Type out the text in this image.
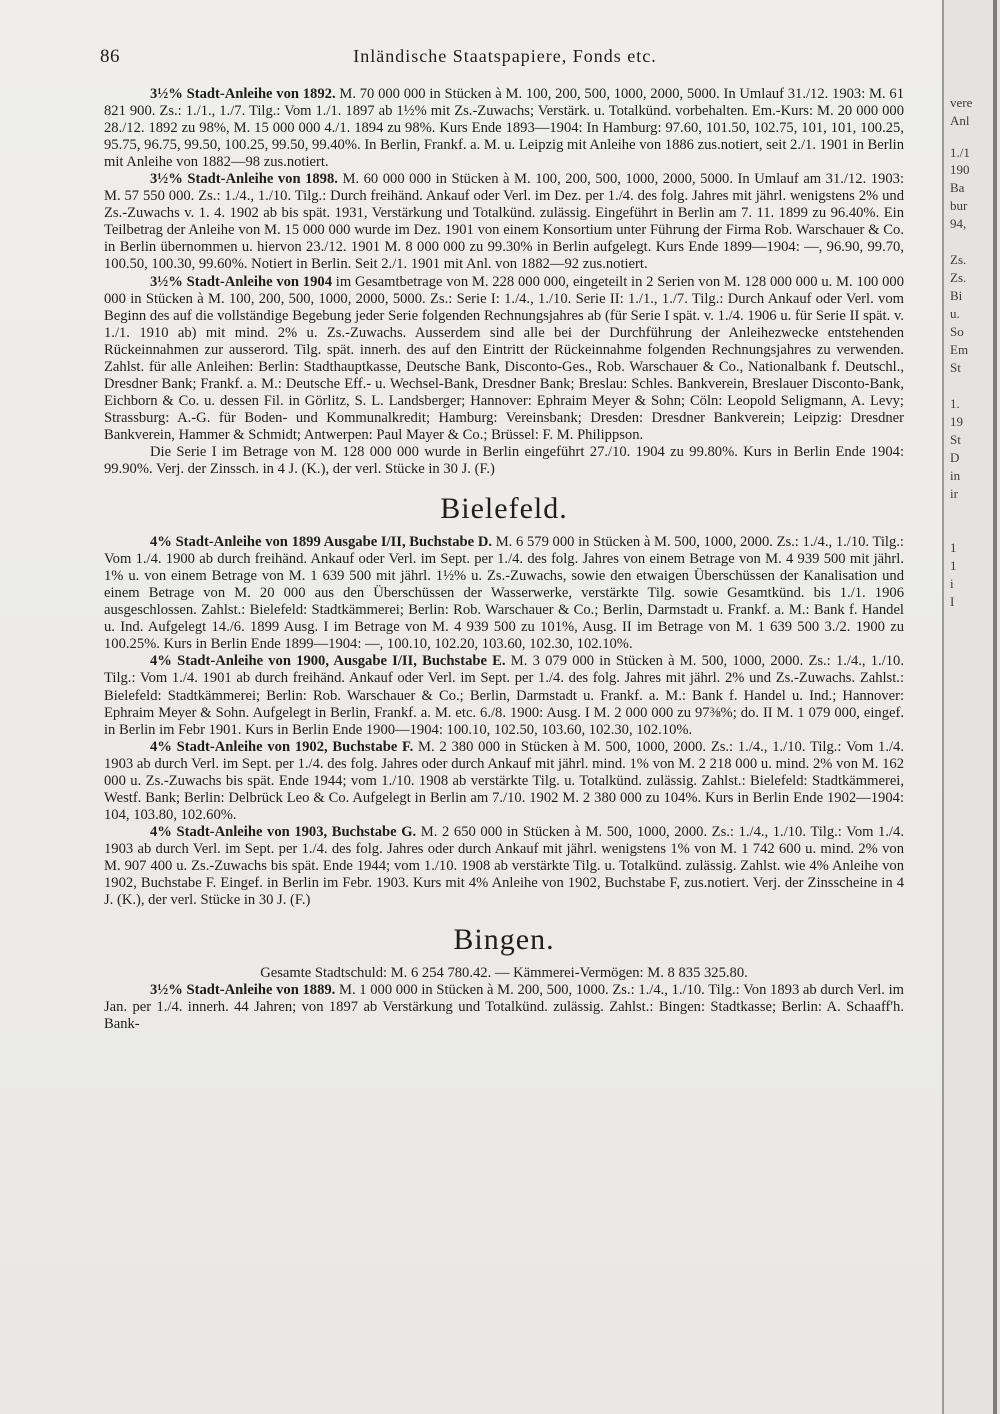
86	Inländische Staatspapiere, Fonds etc.

3½% Stadt-Anleihe von 1892. M. 70 000 000 in Stücken à M. 100, 200, 500, 1000, 2000, 5000. In Umlauf 31./12. 1903: M. 61 821 900. Zs.: 1./1., 1./7. Tilg.: Vom 1./1. 1897 ab 1½% mit Zs.-Zuwachs; Verstärk. u. Totalkünd. vorbehalten. Em.-Kurs: M. 20 000 000 28./12. 1892 zu 98%, M. 15 000 000 4./1. 1894 zu 98%. Kurs Ende 1893—1904: In Hamburg: 97.60, 101.50, 102.75, 101, 101, 100.25, 95.75, 96.75, 99.50, 100.25, 99.50, 99.40%. In Berlin, Frankf. a. M. u. Leipzig mit Anleihe von 1886 zus.notiert, seit 2./1. 1901 in Berlin mit Anleihe von 1882—98 zus.notiert.

3½% Stadt-Anleihe von 1898. M. 60 000 000 in Stücken à M. 100, 200, 500, 1000, 2000, 5000. In Umlauf am 31./12. 1903: M. 57 550 000. Zs.: 1./4., 1./10. Tilg.: Durch freihänd. Ankauf oder Verl. im Dez. per 1./4. des folg. Jahres mit jährl. wenigstens 2% und Zs.-Zuwachs v. 1. 4. 1902 ab bis spät. 1931, Verstärkung und Totalkünd. zulässig. Eingeführt in Berlin am 7. 11. 1899 zu 96.40%. Ein Teilbetrag der Anleihe von M. 15 000 000 wurde im Dez. 1901 von einem Konsortium unter Führung der Firma Rob. Warschauer & Co. in Berlin übernommen u. hiervon 23./12. 1901 M. 8 000 000 zu 99.30% in Berlin aufgelegt. Kurs Ende 1899—1904: —, 96.90, 99.70, 100.50, 100.30, 99.60%. Notiert in Berlin. Seit 2./1. 1901 mit Anl. von 1882—92 zus.notiert.

3½% Stadt-Anleihe von 1904 im Gesamtbetrage von M. 228 000 000, eingeteilt in 2 Serien von M. 128 000 000 u. M. 100 000 000 in Stücken à M. 100, 200, 500, 1000, 2000, 5000. Zs.: Serie I: 1./4., 1./10. Serie II: 1./1., 1./7. Tilg.: Durch Ankauf oder Verl. vom Beginn des auf die vollständige Begebung jeder Serie folgenden Rechnungsjahres ab (für Serie I spät. v. 1./4. 1906 u. für Serie II spät. v. 1./1. 1910 ab) mit mind. 2% u. Zs.-Zuwachs. Ausserdem sind alle bei der Durchführung der Anleihezwecke entstehenden Rückeinnahmen zur ausserord. Tilg. spät. innerh. des auf den Eintritt der Rückeinnahme folgenden Rechnungsjahres zu verwenden. Zahlst. für alle Anleihen: Berlin: Stadthauptkasse, Deutsche Bank, Disconto-Ges., Rob. Warschauer & Co., Nationalbank f. Deutschl., Dresdner Bank; Frankf. a. M.: Deutsche Eff.- u. Wechsel-Bank, Dresdner Bank; Breslau: Schles. Bankverein, Breslauer Disconto-Bank, Eichborn & Co. u. dessen Fil. in Görlitz, S. L. Landsberger; Hannover: Ephraim Meyer & Sohn; Cöln: Leopold Seligmann, A. Levy; Strassburg: A.-G. für Boden- und Kommunalkredit; Hamburg: Vereinsbank; Dresden: Dresdner Bankverein; Leipzig: Dresdner Bankverein, Hammer & Schmidt; Antwerpen: Paul Mayer & Co.; Brüssel: F. M. Philippson.

Die Serie I im Betrage von M. 128 000 000 wurde in Berlin eingeführt 27./10. 1904 zu 99.80%. Kurs in Berlin Ende 1904: 99.90%. Verj. der Zinssch. in 4 J. (K.), der verl. Stücke in 30 J. (F.)

Bielefeld.

4% Stadt-Anleihe von 1899 Ausgabe I/II, Buchstabe D. M. 6 579 000 in Stücken à M. 500, 1000, 2000. Zs.: 1./4., 1./10. Tilg.: Vom 1./4. 1900 ab durch freihänd. Ankauf oder Verl. im Sept. per 1./4. des folg. Jahres von einem Betrage von M. 4 939 500 mit jährl. 1% u. von einem Betrage von M. 1 639 500 mit jährl. 1½% u. Zs.-Zuwachs, sowie den etwaigen Überschüssen der Kanalisation und einem Betrage von M. 20 000 aus den Überschüssen der Wasserwerke, verstärkte Tilg. sowie Gesamtkünd. bis 1./1. 1906 ausgeschlossen. Zahlst.: Bielefeld: Stadtkämmerei; Berlin: Rob. Warschauer & Co.; Berlin, Darmstadt u. Frankf. a. M.: Bank f. Handel u. Ind. Aufgelegt 14./6. 1899 Ausg. I im Betrage von M. 4 939 500 zu 101%, Ausg. II im Betrage von M. 1 639 500 3./2. 1900 zu 100.25%. Kurs in Berlin Ende 1899—1904: —, 100.10, 102.20, 103.60, 102.30, 102.10%.

4% Stadt-Anleihe von 1900, Ausgabe I/II, Buchstabe E. M. 3 079 000 in Stücken à M. 500, 1000, 2000. Zs.: 1./4., 1./10. Tilg.: Vom 1./4. 1901 ab durch freihänd. Ankauf oder Verl. im Sept. per 1./4. des folg. Jahres mit jährl. 2% und Zs.-Zuwachs. Zahlst.: Bielefeld: Stadtkämmerei; Berlin: Rob. Warschauer & Co.; Berlin, Darmstadt u. Frankf. a. M.: Bank f. Handel u. Ind.; Hannover: Ephraim Meyer & Sohn. Aufgelegt in Berlin, Frankf. a. M. etc. 6./8. 1900: Ausg. I M. 2 000 000 zu 97⅜%; do. II M. 1 079 000, eingef. in Berlin im Febr 1901. Kurs in Berlin Ende 1900—1904: 100.10, 102.50, 103.60, 102.30, 102.10%.

4% Stadt-Anleihe von 1902, Buchstabe F. M. 2 380 000 in Stücken à M. 500, 1000, 2000. Zs.: 1./4., 1./10. Tilg.: Vom 1./4. 1903 ab durch Verl. im Sept. per 1./4. des folg. Jahres oder durch Ankauf mit jährl. mind. 1% von M. 2 218 000 u. mind. 2% von M. 162 000 u. Zs.-Zuwachs bis spät. Ende 1944; vom 1./10. 1908 ab verstärkte Tilg. u. Totalkünd. zulässig. Zahlst.: Bielefeld: Stadtkämmerei, Westf. Bank; Berlin: Delbrück Leo & Co. Aufgelegt in Berlin am 7./10. 1902 M. 2 380 000 zu 104%. Kurs in Berlin Ende 1902—1904: 104, 103.80, 102.60%.

4% Stadt-Anleihe von 1903, Buchstabe G. M. 2 650 000 in Stücken à M. 500, 1000, 2000. Zs.: 1./4., 1./10. Tilg.: Vom 1./4. 1903 ab durch Verl. im Sept. per 1./4. des folg. Jahres oder durch Ankauf mit jährl. wenigstens 1% von M. 1 742 600 u. mind. 2% von M. 907 400 u. Zs.-Zuwachs bis spät. Ende 1944; vom 1./10. 1908 ab verstärkte Tilg. u. Totalkünd. zulässig. Zahlst. wie 4% Anleihe von 1902, Buchstabe F. Eingef. in Berlin im Febr. 1903. Kurs mit 4% Anleihe von 1902, Buchstabe F, zus.notiert. Verj. der Zinsscheine in 4 J. (K.), der verl. Stücke in 30 J. (F.)

Bingen.

Gesamte Stadtschuld: M. 6 254 780.42. — Kämmerei-Vermögen: M. 8 835 325.80.

3½% Stadt-Anleihe von 1889. M. 1 000 000 in Stücken à M. 200, 500, 1000. Zs.: 1./4., 1./10. Tilg.: Von 1893 ab durch Verl. im Jan. per 1./4. innerh. 44 Jahren; von 1897 ab Verstärkung und Totalkünd. zulässig. Zahlst.: Bingen: Stadtkasse; Berlin: A. Schaaff'h. Bank-

vere
Anl
1./1
190
Ba
bur
94,
Zs.
Zs.
Bi
u.
So
Em
St
1.
19
St
D
in
ir
1
1
i
I
